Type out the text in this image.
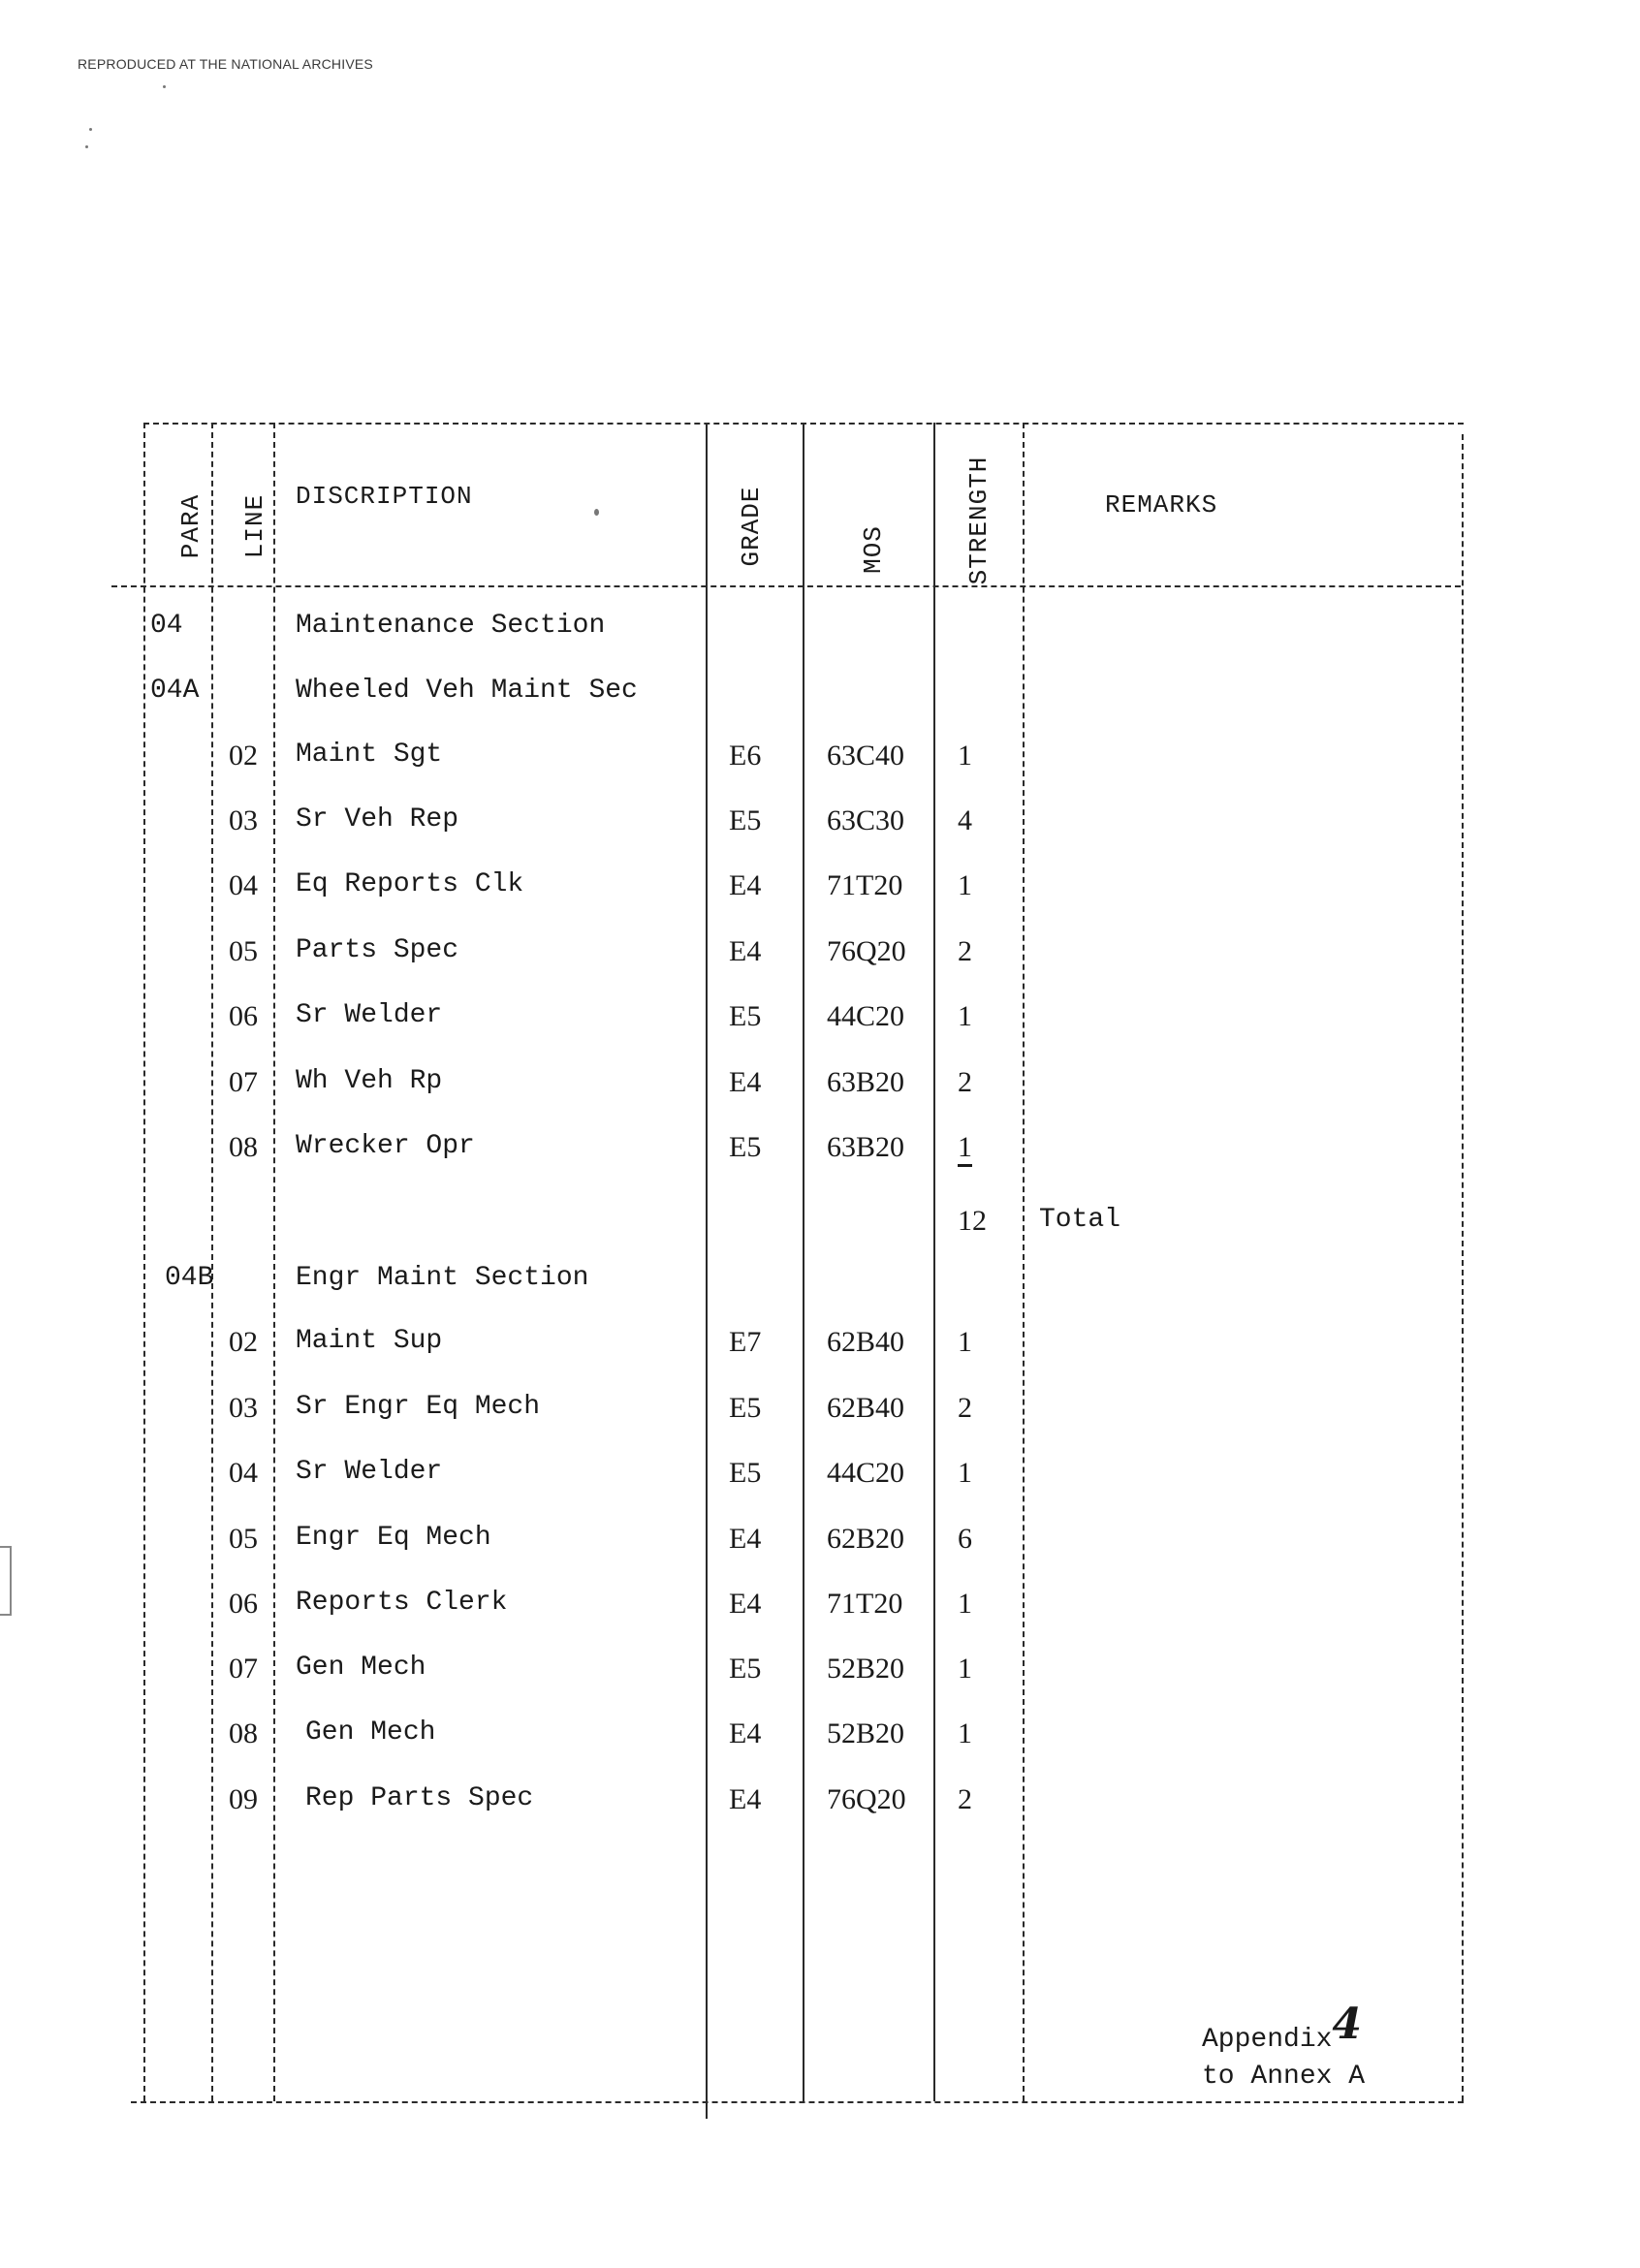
REPRODUCED AT THE NATIONAL ARCHIVES
PARA LINE DISCRIPTION	GRADE	MOS	STRENGTH	REMARKS
04	Maintenance Section
04A	Wheeled Veh Maint Sec
02 Maint Sgt	E6 63C40 1
03 Sr Veh Rep	E5 63C30 4
04 Eq Reports Clk	E4 71T20 1
05 Parts Spec	E4 76Q20 2
06 Sr Welder	E5 44C20 1
07 Wh Veh Rp	E4 63B20 2
08 Wrecker Opr	E5 63B20 1
12 Total
04B	Engr Maint Section
02 Maint Sup	E7 62B40 1
03 Sr Engr Eq Mech	E5 62B40 2
04 Sr Welder	E5 44C20 1
05 Engr Eq Mech	E4 62B20 6
06 Reports Clerk	E4 71T20 1
07 Gen Mech	E5 52B20 1
08 Gen Mech	E4 52B20 1
09 Rep Parts Spec	E4 76Q20 2
Appendix4
to Annex A
